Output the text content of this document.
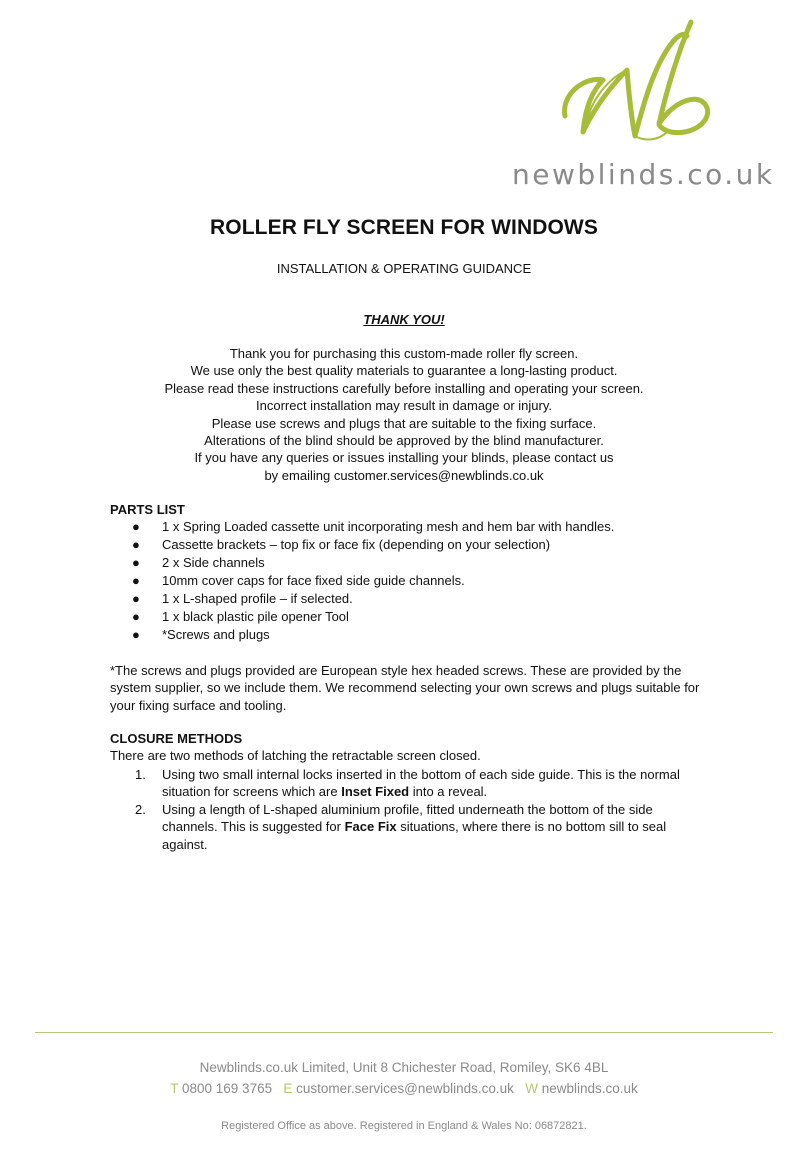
newblinds.co.uk
ROLLER FLY SCREEN FOR WINDOWS
INSTALLATION & OPERATING GUIDANCE
THANK YOU!
Thank you for purchasing this custom-made roller fly screen.
We use only the best quality materials to guarantee a long-lasting product.
Please read these instructions carefully before installing and operating your screen.
Incorrect installation may result in damage or injury.
Please use screws and plugs that are suitable to the fixing surface.
Alterations of the blind should be approved by the blind manufacturer.
If you have any queries or issues installing your blinds, please contact us
by emailing customer.services@newblinds.co.uk
PARTS LIST
● 1 x Spring Loaded cassette unit incorporating mesh and hem bar with handles.
● Cassette brackets – top fix or face fix (depending on your selection)
● 2 x Side channels
● 10mm cover caps for face fixed side guide channels.
● 1 x L-shaped profile – if selected.
● 1 x black plastic pile opener Tool
● *Screws and plugs
*The screws and plugs provided are European style hex headed screws. These are provided by the system supplier, so we include them. We recommend selecting your own screws and plugs suitable for your fixing surface and tooling.
CLOSURE METHODS
There are two methods of latching the retractable screen closed.
1. Using two small internal locks inserted in the bottom of each side guide. This is the normal situation for screens which are Inset Fixed into a reveal.
2. Using a length of L-shaped aluminium profile, fitted underneath the bottom of the side channels. This is suggested for Face Fix situations, where there is no bottom sill to seal against.
Newblinds.co.uk Limited, Unit 8 Chichester Road, Romiley, SK6 4BL
T 0800 169 3765 E customer.services@newblinds.co.uk W newblinds.co.uk
Registered Office as above. Registered in England & Wales No: 06872821.
